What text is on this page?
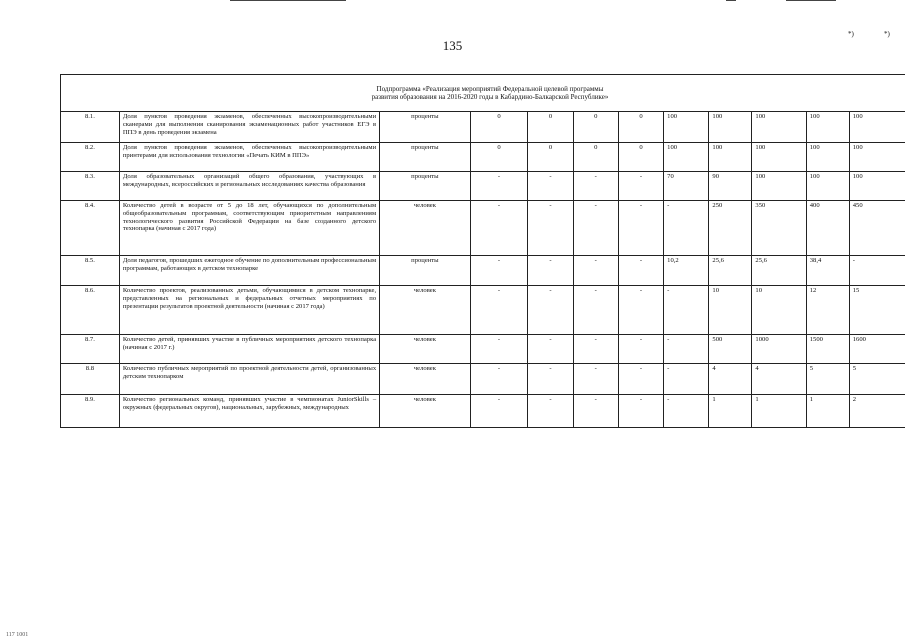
135
*)	*)
Подпрограмма «Реализация мероприятий Федеральной целевой программы
развития образования на 2016-2020 годы в Кабардино-Балкарской Республике»											

8.1.	Доля пунктов проведения экзаменов, обеспеченных высокопроизводительными сканерами для выполнения сканирования экзаменационных работ участников ЕГЭ в ППЭ в день проведения экзамена	проценты	0	0	0	0	100	100	100	100	100
8.2.	Доля пунктов проведения экзаменов, обеспеченных высокопроизводительными принтерами для использования технологии «Печать КИМ в ППЭ»	проценты	0	0	0	0	100	100	100	100	100
8.3.	Доля образовательных организаций общего образования, участвующих в международных, всероссийских и региональных исследованиях качества образования	проценты	-	-	-	-	70	90	100	100	100
8.4.	Количество детей в возрасте от 5 до 18 лет, обучающихся по дополнительным общеобразовательным программам, соответствующим приоритетным направлениям технологического развития Российской Федерации на базе созданного детского технопарка (начиная с 2017 года)	человек	-	-	-	-	-	250	350	400	450
8.5.	Доля педагогов, прошедших ежегодное обучение по дополнительным профессиональным программам, работающих в детском технопарке	проценты	-	-	-	-	10,2	25,6	25,6	38,4	-
8.6.	Количество проектов, реализованных детьми, обучающимися в детском технопарке, представленных на региональных и федеральных отчетных мероприятиях по презентации результатов проектной деятельности (начиная с 2017 года)	человек	-	-	-	-	-	10	10	12	15
8.7.	Количество детей, принявших участие в публичных мероприятиях детского технопарка (начиная с 2017 г.)	человек	-	-	-	-	-	500	1000	1500	1600
8.8	Количество публичных мероприятий по проектной деятельности детей, организованных детским технопарком	человек	-	-	-	-	-	4	4	5	5
8.9.	Количество региональных команд, принявших участие в чемпионатах JuniorSkills – окружных (федеральных округов), национальных, зарубежных, международных	человек	-	-	-	-	-	1	1	1	2
117 1001
